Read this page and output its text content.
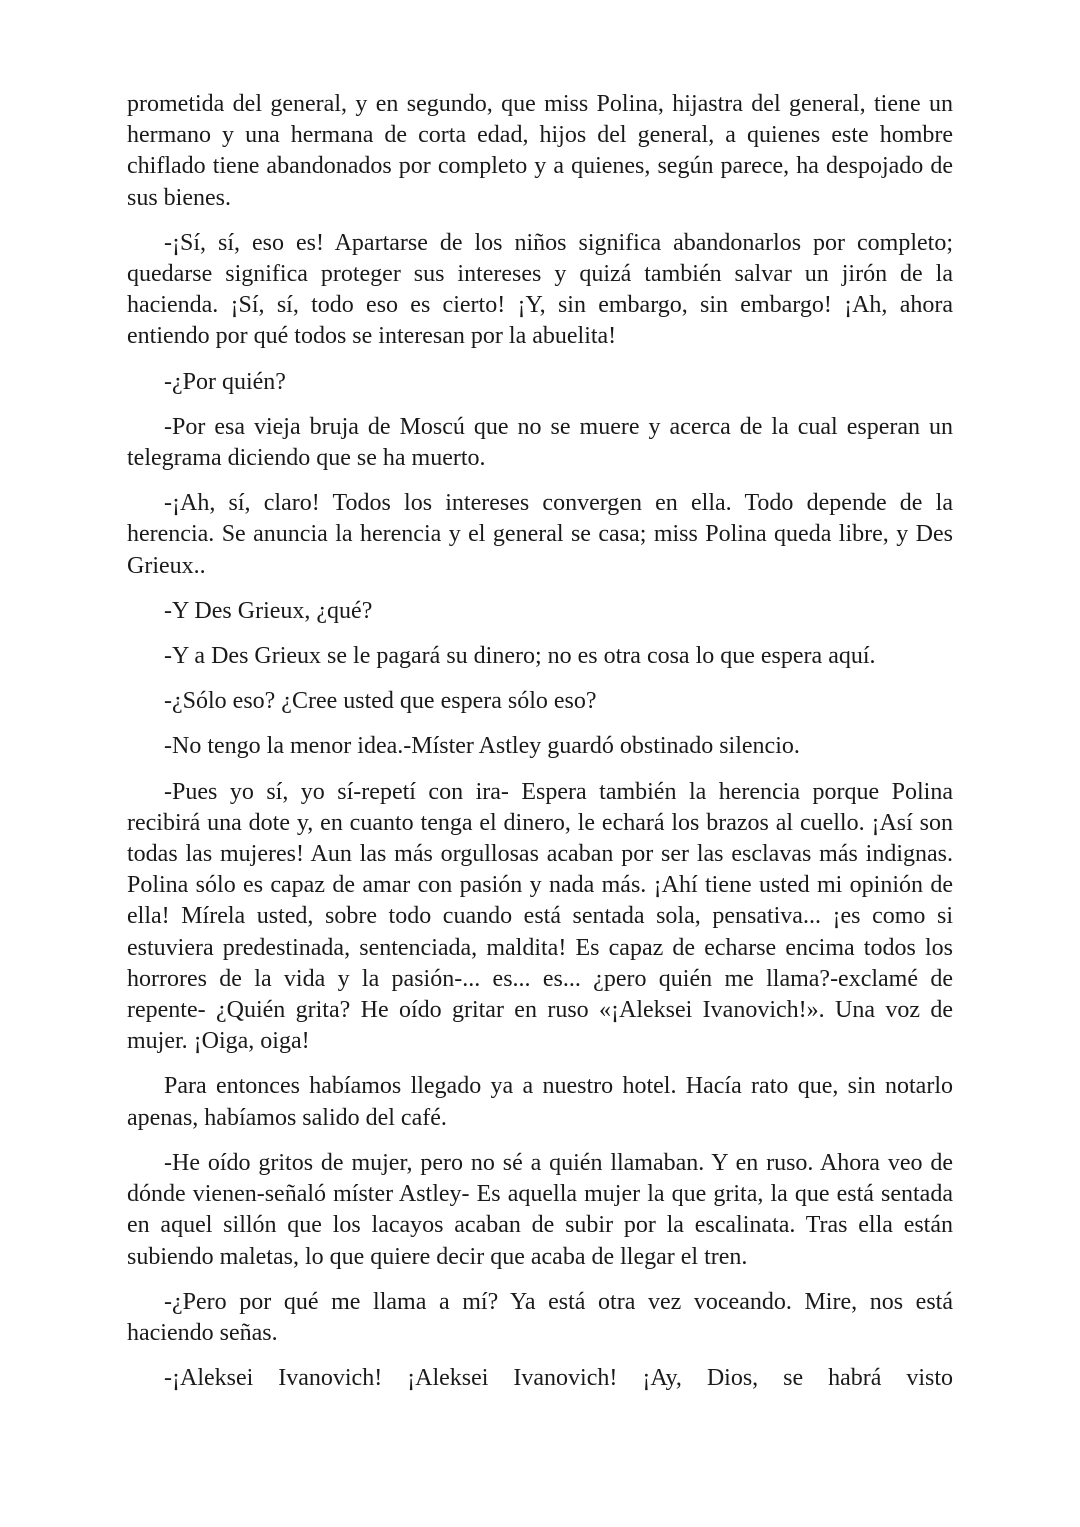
prometida del general, y en segundo, que miss Polina, hijastra del general, tiene un hermano y una hermana de corta edad, hijos del general, a quienes este hombre chiflado tiene abandonados por completo y a quienes, según parece, ha despojado de sus bienes.

-¡Sí, sí, eso es! Apartarse de los niños significa abandonarlos por completo; quedarse significa proteger sus intereses y quizá también salvar un jirón de la hacienda. ¡Sí, sí, todo eso es cierto! ¡Y, sin embargo, sin embargo! ¡Ah, ahora entiendo por qué todos se interesan por la abuelita!

-¿Por quién?

-Por esa vieja bruja de Moscú que no se muere y acerca de la cual esperan un telegrama diciendo que se ha muerto.

-¡Ah, sí, claro! Todos los intereses convergen en ella. Todo depende de la herencia. Se anuncia la herencia y el general se casa; miss Polina queda libre, y Des Grieux..

-Y Des Grieux, ¿qué?

-Y a Des Grieux se le pagará su dinero; no es otra cosa lo que espera aquí.

-¿Sólo eso? ¿Cree usted que espera sólo eso?

-No tengo la menor idea.-Míster Astley guardó obstinado silencio.

-Pues yo sí, yo sí-repetí con ira- Espera también la herencia porque Polina recibirá una dote y, en cuanto tenga el dinero, le echará los brazos al cuello. ¡Así son todas las mujeres! Aun las más orgullosas acaban por ser las esclavas más indignas. Polina sólo es capaz de amar con pasión y nada más. ¡Ahí tiene usted mi opinión de ella! Mírela usted, sobre todo cuando está sentada sola, pensativa... ¡es como si estuviera predestinada, sentenciada, maldita! Es capaz de echarse encima todos los horrores de la vida y la pasión-... es... es... ¿pero quién me llama?-exclamé de repente- ¿Quién grita? He oído gritar en ruso «¡Aleksei Ivanovich!». Una voz de mujer. ¡Oiga, oiga!

Para entonces habíamos llegado ya a nuestro hotel. Hacía rato que, sin notarlo apenas, habíamos salido del café.

-He oído gritos de mujer, pero no sé a quién llamaban. Y en ruso. Ahora veo de dónde vienen-señaló míster Astley- Es aquella mujer la que grita, la que está sentada en aquel sillón que los lacayos acaban de subir por la escalinata. Tras ella están subiendo maletas, lo que quiere decir que acaba de llegar el tren.

-¿Pero por qué me llama a mí? Ya está otra vez voceando. Mire, nos está haciendo señas.

-¡Aleksei Ivanovich! ¡Aleksei Ivanovich! ¡Ay, Dios, se habrá visto
